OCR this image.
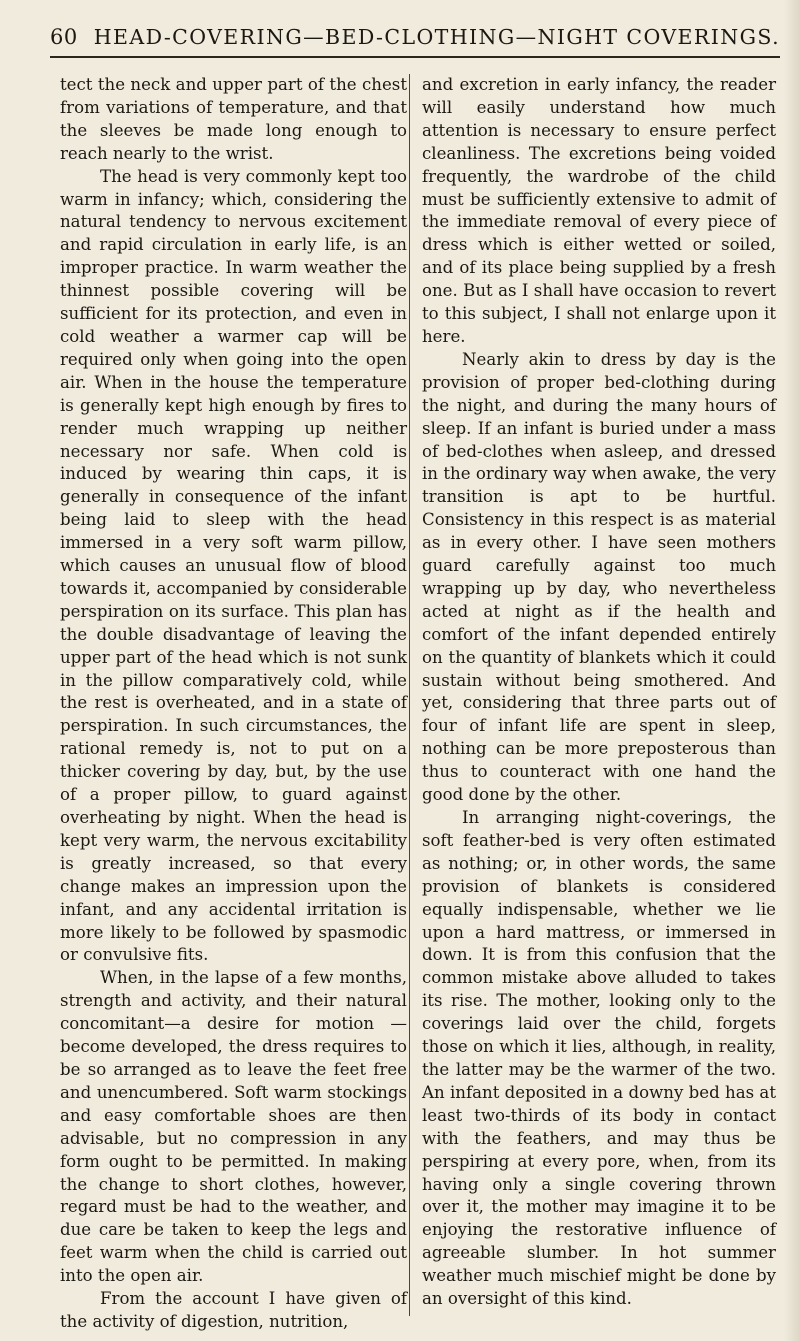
60 HEAD-COVERING—BED-CLOTHING—NIGHT COVERINGS.

tect the neck and upper part of the chest from variations of temperature, and that the sleeves be made long enough to reach nearly to the wrist.

The head is very commonly kept too warm in infancy; which, considering the natural tendency to nervous excitement and rapid circulation in early life, is an improper practice. In warm weather the thinnest possible covering will be sufficient for its protection, and even in cold weather a warmer cap will be required only when going into the open air. When in the house the temperature is generally kept high enough by fires to render much wrapping up neither necessary nor safe. When cold is induced by wearing thin caps, it is generally in consequence of the infant being laid to sleep with the head immersed in a very soft warm pillow, which causes an unusual flow of blood towards it, accompanied by considerable perspiration on its surface. This plan has the double disadvantage of leaving the upper part of the head which is not sunk in the pillow comparatively cold, while the rest is overheated, and in a state of perspiration. In such circumstances, the rational remedy is, not to put on a thicker covering by day, but, by the use of a proper pillow, to guard against overheating by night. When the head is kept very warm, the nervous excitability is greatly increased, so that every change makes an impression upon the infant, and any accidental irritation is more likely to be followed by spasmodic or convulsive fits.

When, in the lapse of a few months, strength and activity, and their natural concomitant—a desire for motion —become developed, the dress requires to be so arranged as to leave the feet free and unencumbered. Soft warm stockings and easy comfortable shoes are then advisable, but no compression in any form ought to be permitted. In making the change to short clothes, however, regard must be had to the weather, and due care be taken to keep the legs and feet warm when the child is carried out into the open air.

From the account I have given of the activity of digestion, nutrition,

and excretion in early infancy, the reader will easily understand how much attention is necessary to ensure perfect cleanliness. The excretions being voided frequently, the wardrobe of the child must be sufficiently extensive to admit of the immediate removal of every piece of dress which is either wetted or soiled, and of its place being supplied by a fresh one. But as I shall have occasion to revert to this subject, I shall not enlarge upon it here.

Nearly akin to dress by day is the provision of proper bed-clothing during the night, and during the many hours of sleep. If an infant is buried under a mass of bed-clothes when asleep, and dressed in the ordinary way when awake, the very transition is apt to be hurtful. Consistency in this respect is as material as in every other. I have seen mothers guard carefully against too much wrapping up by day, who nevertheless acted at night as if the health and comfort of the infant depended entirely on the quantity of blankets which it could sustain without being smothered. And yet, considering that three parts out of four of infant life are spent in sleep, nothing can be more preposterous than thus to counteract with one hand the good done by the other.

In arranging night-coverings, the soft feather-bed is very often estimated as nothing; or, in other words, the same provision of blankets is considered equally indispensable, whether we lie upon a hard mattress, or immersed in down. It is from this confusion that the common mistake above alluded to takes its rise. The mother, looking only to the coverings laid over the child, forgets those on which it lies, although, in reality, the latter may be the warmer of the two. An infant deposited in a downy bed has at least two-thirds of its body in contact with the feathers, and may thus be perspiring at every pore, when, from its having only a single covering thrown over it, the mother may imagine it to be enjoying the restorative influence of agreeable slumber. In hot summer weather much mischief might be done by an oversight of this kind.
